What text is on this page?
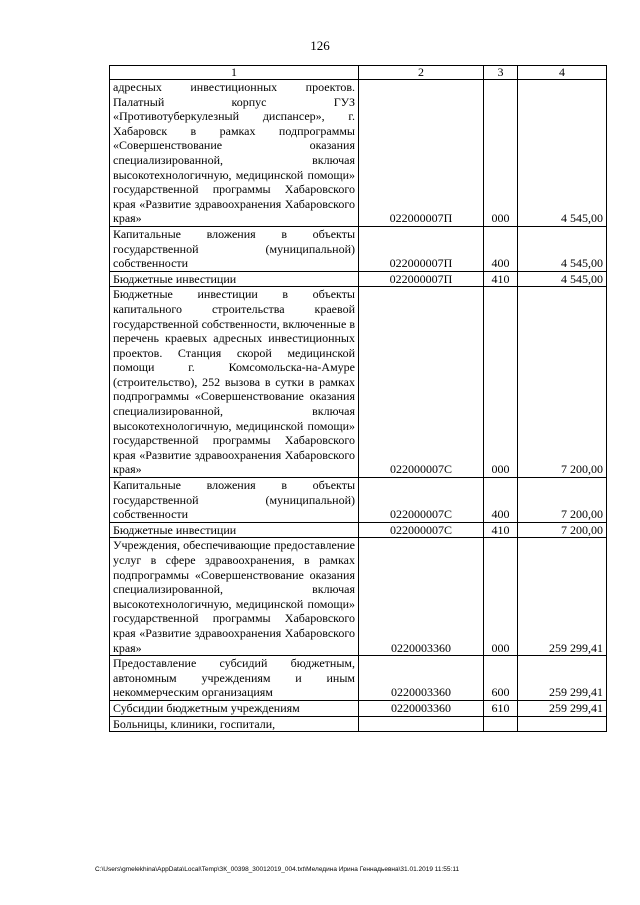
126
1	2	3	4
адресных инвестиционных проектов. Палатный корпус ГУЗ «Противотуберкулезный диспансер», г. Хабаровск в рамках подпрограммы «Совершенствование оказания специализированной, включая высокотехнологичную, медицинской помощи» государственной программы Хабаровского края «Развитие здравоохранения Хабаровского края»	022000007П	000	4 545,00
Капитальные вложения в объекты государственной (муниципальной) собственности	022000007П	400	4 545,00
Бюджетные инвестиции	022000007П	410	4 545,00
Бюджетные инвестиции в объекты капитального строительства краевой государственной собственности, включенные в перечень краевых адресных инвестиционных проектов. Станция скорой медицинской помощи г. Комсомольска-на-Амуре (строительство), 252 вызова в сутки в рамках подпрограммы «Совершенствование оказания специализированной, включая высокотехнологичную, медицинской помощи» государственной программы Хабаровского края «Развитие здравоохранения Хабаровского края»	022000007С	000	7 200,00
Капитальные вложения в объекты государственной (муниципальной) собственности	022000007С	400	7 200,00
Бюджетные инвестиции	022000007С	410	7 200,00
Учреждения, обеспечивающие предоставление услуг в сфере здравоохранения, в рамках подпрограммы «Совершенствование оказания специализированной, включая высокотехнологичную, медицинской помощи» государственной программы Хабаровского края «Развитие здравоохранения Хабаровского края»	0220003360	000	259 299,41
Предоставление субсидий бюджетным, автономным учреждениям и иным некоммерческим организациям	0220003360	600	259 299,41
Субсидии бюджетным учреждениям	0220003360	610	259 299,41
Больницы, клиники, госпитали,			
C:\Users\gmelekhina\AppData\Local\Temp\ЗК_00398_30012019_004.txt\Меледина Ирина Геннадьевна\31.01.2019 11:55:11
